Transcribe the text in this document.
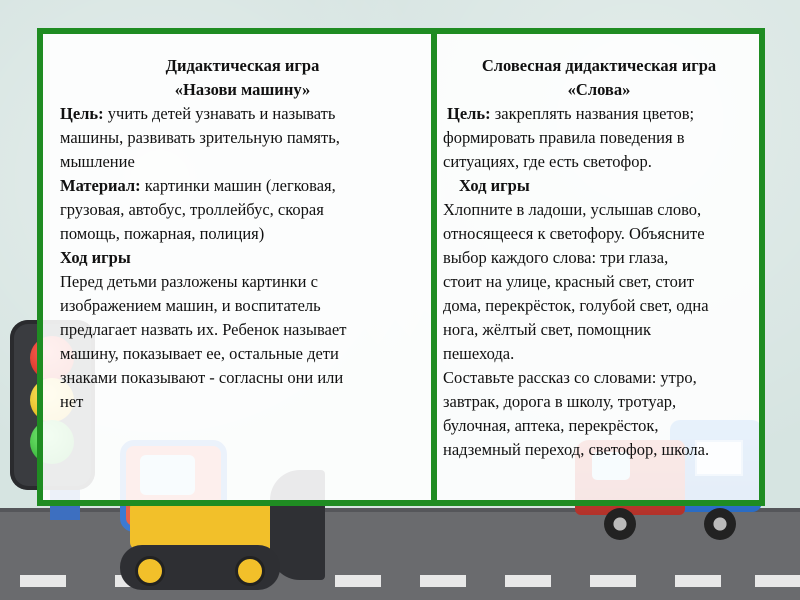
Дидактическая игра
«Назови машину»
Цель: учить детей узнавать и называть
машины, развивать зрительную память,
мышление
Материал: картинки машин (легковая,
грузовая, автобус, троллейбус, скорая
помощь, пожарная, полиция)
Ход игры
Перед детьми разложены картинки с
изображением машин, и воспитатель
предлагает назвать их. Ребенок называет
машину, показывает ее, остальные дети
знаками показывают - согласны они или
нет
Словесная дидактическая игра
«Слова»
Цель: закреплять названия цветов;
формировать правила поведения в
ситуациях, где есть светофор.
Ход игры
Хлопните в ладоши, услышав слово,
относящееся к светофору. Объясните
выбор каждого слова: три глаза,
стоит на улице, красный свет, стоит
дома, перекрёсток, голубой свет, одна
нога, жёлтый свет, помощник
пешехода.
Составьте рассказ со словами: утро,
завтрак, дорога в школу, тротуар,
булочная, аптека, перекрёсток,
надземный переход, светофор, школа.
